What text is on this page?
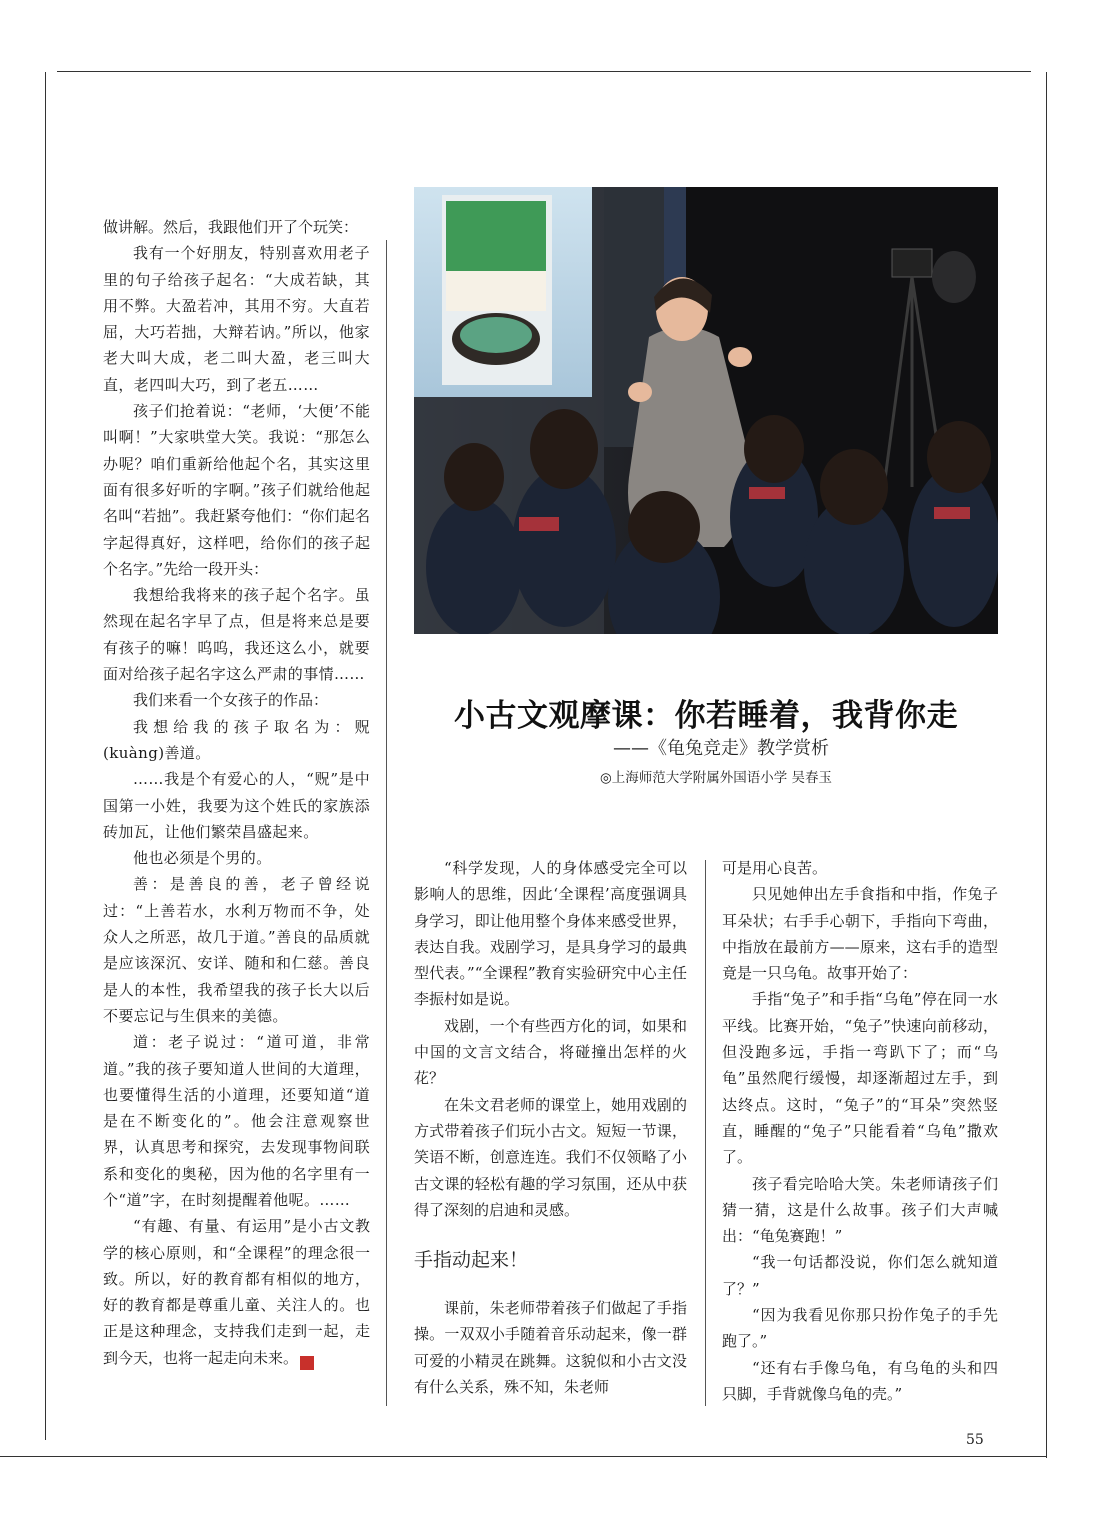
做讲解。然后，我跟他们开了个玩笑：

我有一个好朋友，特别喜欢用老子里的句子给孩子起名：“大成若缺，其用不弊。大盈若冲，其用不穷。大直若屈，大巧若拙，大辩若讷。”所以，他家老大叫大成，老二叫大盈，老三叫大直，老四叫大巧，到了老五……

孩子们抢着说：“老师，‘大便’不能叫啊！”大家哄堂大笑。我说：“那怎么办呢？咱们重新给他起个名，其实这里面有很多好听的字啊。”孩子们就给他起名叫“若拙”。我赶紧夸他们：“你们起名字起得真好，这样吧，给你们的孩子起个名字。”先给一段开头：

我想给我将来的孩子起个名字。虽然现在起名字早了点，但是将来总是要有孩子的嘛！呜呜，我还这么小，就要面对给孩子起名字这么严肃的事情……

我们来看一个女孩子的作品：

我想给我的孩子取名为：贶(kuàng)善道。

……我是个有爱心的人，“贶”是中国第一小姓，我要为这个姓氏的家族添砖加瓦，让他们繁荣昌盛起来。

他也必须是个男的。

善：是善良的善，老子曾经说过：“上善若水，水利万物而不争，处众人之所恶，故几于道。”善良的品质就是应该深沉、安详、随和和仁慈。善良是人的本性，我希望我的孩子长大以后不要忘记与生俱来的美德。

道：老子说过：“道可道，非常道。”我的孩子要知道人世间的大道理，也要懂得生活的小道理，还要知道“道是在不断变化的”。他会注意观察世界，认真思考和探究，去发现事物间联系和变化的奥秘，因为他的名字里有一个“道”字，在时刻提醒着他呢。……

“有趣、有量、有运用”是小古文教学的核心原则，和“全课程”的理念很一致。所以，好的教育都有相似的地方，好的教育都是尊重儿童、关注人的。也正是这种理念，支持我们走到一起，走到今天，也将一起走向未来。	家

小古文观摩课：你若睡着，我背你走
——《龟兔竞走》教学赏析
◎上海师范大学附属外国语小学 吴春玉

“科学发现，人的身体感受完全可以影响人的思维，因此‘全课程’高度强调具身学习，即让他用整个身体来感受世界，表达自我。戏剧学习，是具身学习的最典型代表。”“全课程”教育实验研究中心主任李振村如是说。

戏剧，一个有些西方化的词，如果和中国的文言文结合，将碰撞出怎样的火花？

在朱文君老师的课堂上，她用戏剧的方式带着孩子们玩小古文。短短一节课，笑语不断，创意连连。我们不仅领略了小古文课的轻松有趣的学习氛围，还从中获得了深刻的启迪和灵感。

手指动起来！

课前，朱老师带着孩子们做起了手指操。一双双小手随着音乐动起来，像一群可爱的小精灵在跳舞。这貌似和小古文没有什么关系，殊不知，朱老师

可是用心良苦。

只见她伸出左手食指和中指，作兔子耳朵状；右手手心朝下，手指向下弯曲，中指放在最前方——原来，这右手的造型竟是一只乌龟。故事开始了：

手指“兔子”和手指“乌龟”停在同一水平线。比赛开始，“兔子”快速向前移动，但没跑多远，手指一弯趴下了；而“乌龟”虽然爬行缓慢，却逐渐超过左手，到达终点。这时，“兔子”的“耳朵”突然竖直，睡醒的“兔子”只能看着“乌龟”撒欢了。

孩子看完哈哈大笑。朱老师请孩子们猜一猜，这是什么故事。孩子们大声喊出：“龟兔赛跑！”

“我一句话都没说，你们怎么就知道了？”

“因为我看见你那只扮作兔子的手先跑了。”

“还有右手像乌龟，有乌龟的头和四只脚，手背就像乌龟的壳。”

55
